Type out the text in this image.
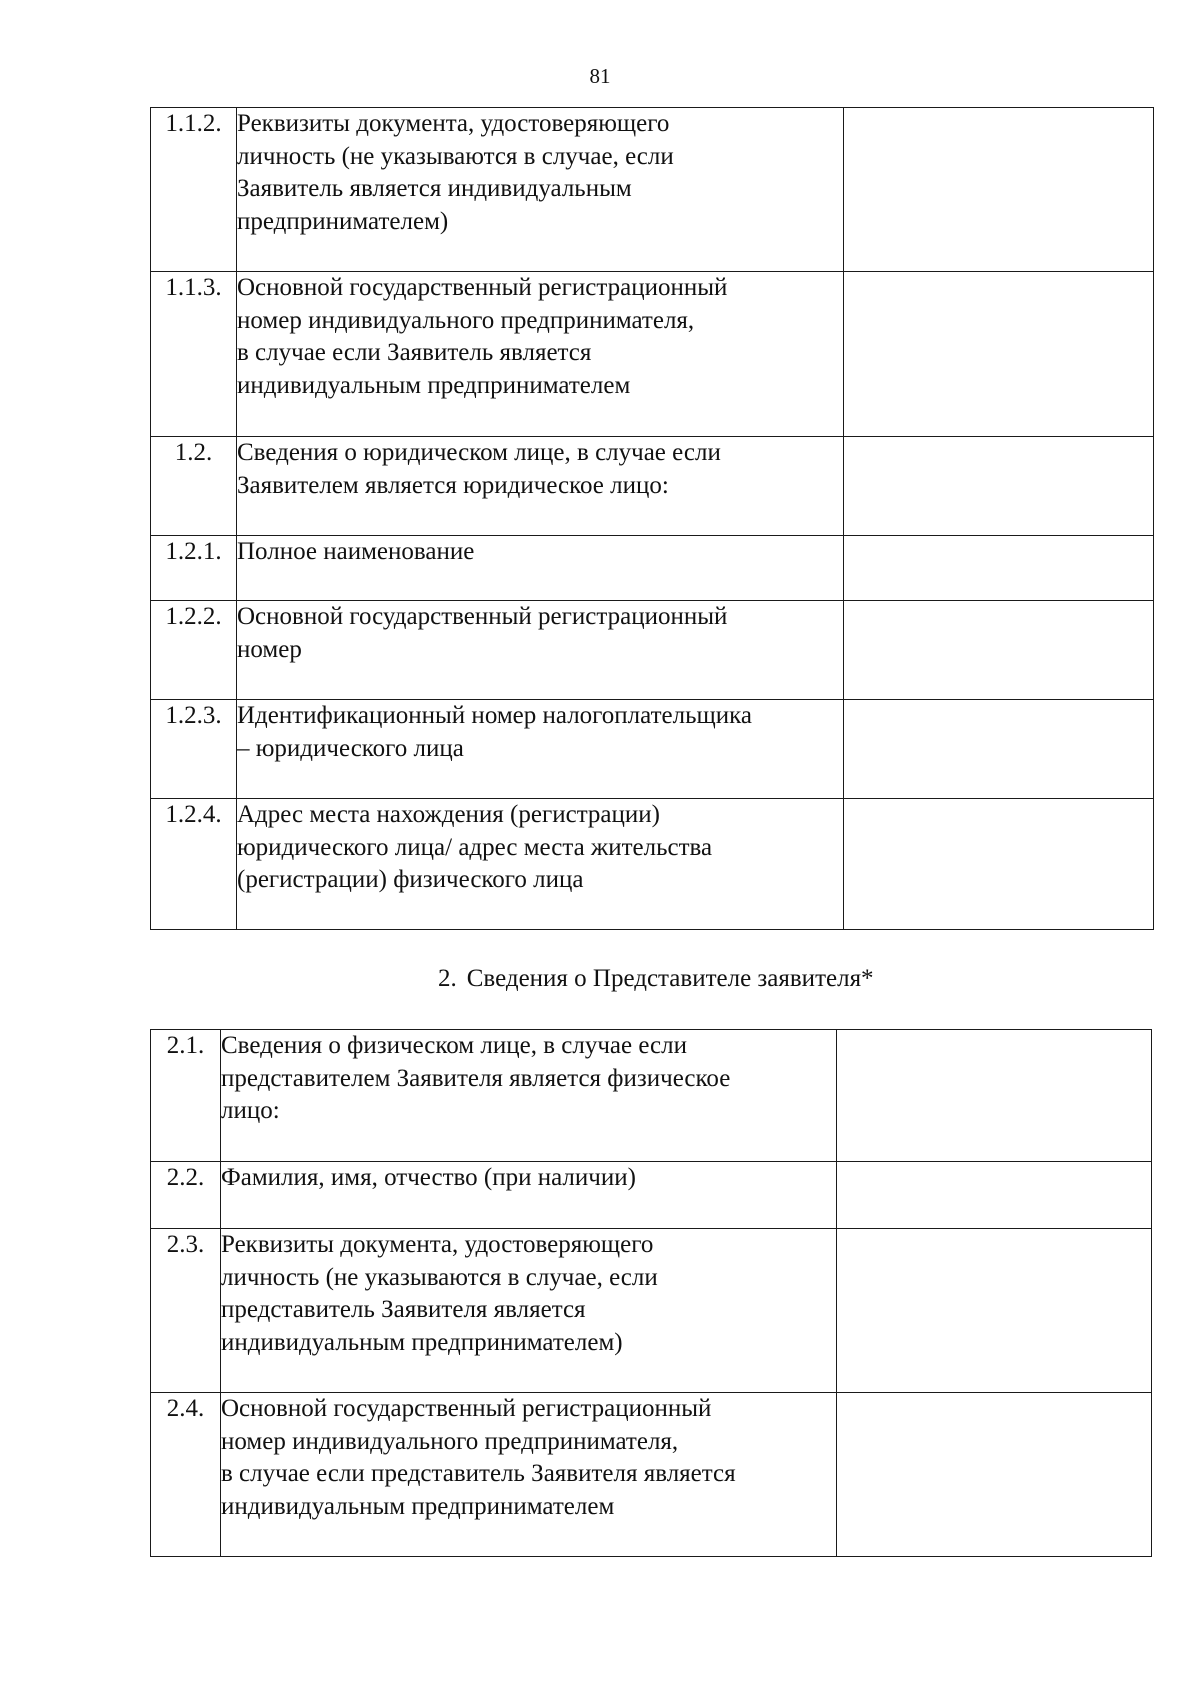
81
1.1.2.	Реквизиты документа, удостоверяющего
личность (не указываются в случае, если
Заявитель является индивидуальным
предпринимателем)	

1.1.3.	Основной государственный регистрационный
номер индивидуального предпринимателя,
в случае если Заявитель является
индивидуальным предпринимателем	

1.2.	Сведения о юридическом лице, в случае если
Заявителем является юридическое лицо:	

1.2.1.	Полное наименование	

1.2.2.	Основной государственный регистрационный
номер	

1.2.3.	Идентификационный номер налогоплательщика
– юридического лица	

1.2.4.	Адрес места нахождения (регистрации)
юридического лица/ адрес места жительства
(регистрации) физического лица	

2. Сведения о Представителе заявителя*
2.1.	Сведения о физическом лице, в случае если
представителем Заявителя является физическое
лицо:	

2.2.	Фамилия, имя, отчество (при наличии)	

2.3.	Реквизиты документа, удостоверяющего
личность (не указываются в случае, если
представитель Заявителя является
индивидуальным предпринимателем)	

2.4.	Основной государственный регистрационный
номер индивидуального предпринимателя,
в случае если представитель Заявителя является
индивидуальным предпринимателем	
